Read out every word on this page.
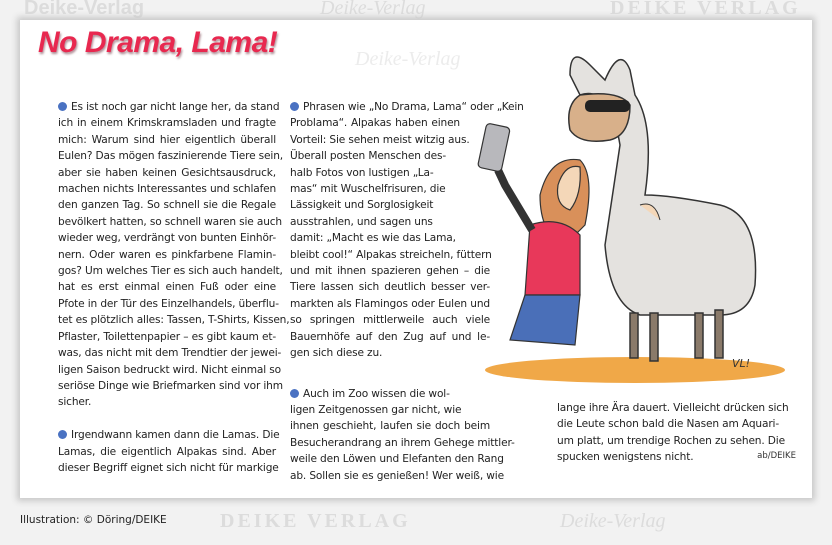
Deike-Verlag	Deike-Verlag	DEIKE VERLAG
DEIKE VERLAG	Deike-Verlag
Deike-Verlag
No Drama, Lama!
Es ist noch gar nicht lange her, da stand
ich in einem Krimskramsladen und fragte
mich: Warum sind hier eigentlich überall
Eulen? Das mögen faszinierende Tiere sein,
aber sie haben keinen Gesichtsausdruck,
machen nichts Interessantes und schlafen
den ganzen Tag. So schnell sie die Regale
bevölkert hatten, so schnell waren sie auch
wieder weg, verdrängt von bunten Einhör-
nern. Oder waren es pinkfarbene Flamin-
gos? Um welches Tier es sich auch handelt,
hat es erst einmal einen Fuß oder eine
Pfote in der Tür des Einzelhandels, überflu-
tet es plötzlich alles: Tassen, T-Shirts, Kissen,
Pflaster, Toilettenpapier – es gibt kaum et-
was, das nicht mit dem Trendtier der jewei-
ligen Saison bedruckt wird. Nicht einmal so
seriöse Dinge wie Briefmarken sind vor ihm
sicher.
Irgendwann kamen dann die Lamas. Die
Lamas, die eigentlich Alpakas sind. Aber
dieser Begriff eignet sich nicht für markige
Phrasen wie „No Drama, Lama“ oder „Kein
Problama“. Alpakas haben einen
Vorteil: Sie sehen meist witzig aus.
Überall posten Menschen des-
halb Fotos von lustigen „La-
mas“ mit Wuschelfrisuren, die
Lässigkeit und Sorglosigkeit
ausstrahlen, und sagen uns
damit: „Macht es wie das Lama,
bleibt cool!“ Alpakas streicheln, füttern
und mit ihnen spazieren gehen – die
Tiere lassen sich deutlich besser ver-
markten als Flamingos oder Eulen und
so springen mittlerweile auch viele
Bauernhöfe auf den Zug auf und le-
gen sich diese zu.
Auch im Zoo wissen die wol-
ligen Zeitgenossen gar nicht, wie
ihnen geschieht, laufen sie doch beim
Besucherandrang an ihrem Gehege mittler-
weile den Löwen und Elefanten den Rang
ab. Sollen sie es genießen! Wer weiß, wie
lange ihre Ära dauert. Vielleicht drücken sich
die Leute schon bald die Nasen am Aquari-
um platt, um trendige Rochen zu sehen. Die
spucken wenigstens nicht.	ab/DEIKE
VL!
Illustration: © Döring/DEIKE
